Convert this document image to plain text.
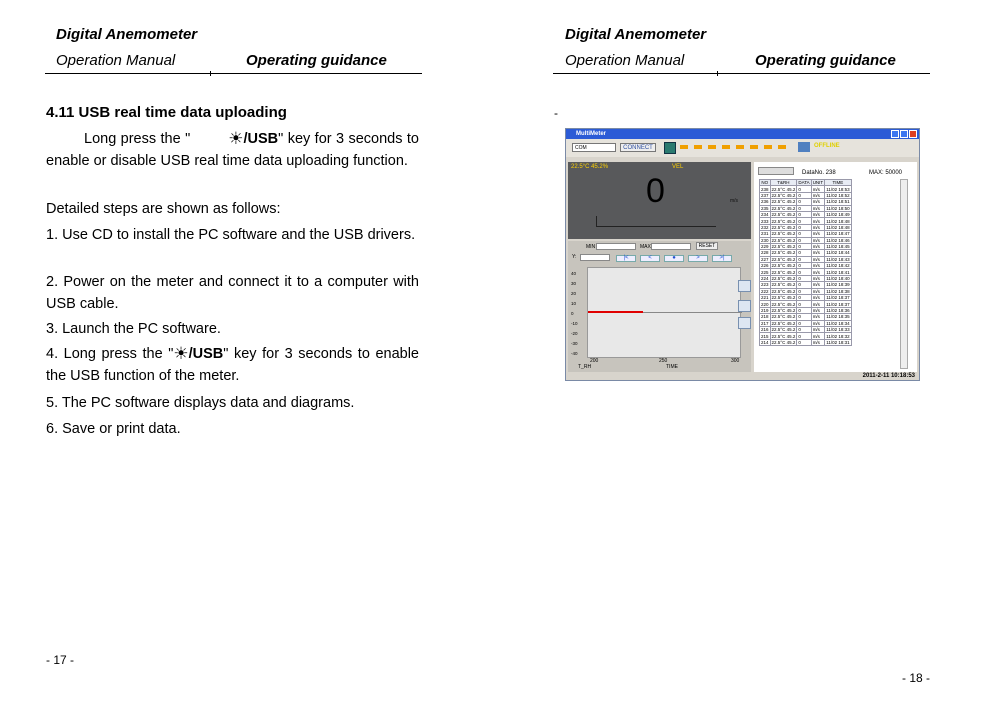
Digital Anemometer
Operation Manual	Operating guidance
4.11 USB real time data uploading

Long press the " ☀/USB" key for 3 seconds to enable or disable USB real time data uploading function.

Detailed steps are shown as follows:
1. Use CD to install the PC software and the USB drivers.
2. Power on the meter and connect it to a computer with USB cable.
3. Launch the PC software.
4. Long press the "☀/USB" key for 3 seconds to enable the USB function of the meter.
5. The PC software displays data and diagrams.
6. Save or print data.
- 17 -
Digital Anemometer
Operation Manual	Operating guidance
-
MultiMeter
COM	CONNECT	OFFLINE
22.5°C 45.2%	VEL
0	m/s
MIN	MAX	RESET
Y:	|<	<	●	>	>|
40
30
20
10
0
-10
-20
-30
-40
200	250	300
T_RH	TIME
DataNo. 238	MAX: 50000
NO	T&RH	DATA	UNIT	TIME
238	22.5°C 45.2	0	m/s	11/02 18:53
237	22.5°C 45.2	0	m/s	11/02 18:52
236	22.5°C 45.2	0	m/s	11/02 18:51
235	22.5°C 45.2	0	m/s	11/02 18:50
234	22.5°C 45.2	0	m/s	11/02 18:49
233	22.5°C 45.2	0	m/s	11/02 18:48
232	22.5°C 45.2	0	m/s	11/02 18:48
231	22.5°C 45.2	0	m/s	11/02 18:47
230	22.5°C 45.2	0	m/s	11/02 18:46
229	22.5°C 45.2	0	m/s	11/02 18:45
228	22.5°C 45.2	0	m/s	11/02 18:44
227	22.5°C 45.2	0	m/s	11/02 18:43
226	22.5°C 45.2	0	m/s	11/02 18:42
225	22.5°C 45.2	0	m/s	11/02 18:41
224	22.5°C 45.2	0	m/s	11/02 18:40
223	22.5°C 45.2	0	m/s	11/02 18:39
222	22.5°C 45.2	0	m/s	11/02 18:38
221	22.5°C 45.2	0	m/s	11/02 18:37
220	22.5°C 45.2	0	m/s	11/02 18:37
219	22.5°C 45.2	0	m/s	11/02 18:36
218	22.5°C 45.2	0	m/s	11/02 18:35
217	22.5°C 45.2	0	m/s	11/02 18:34
216	22.5°C 45.2	0	m/s	11/02 18:33
215	22.5°C 45.2	0	m/s	11/02 18:32
214	22.5°C 45.2	0	m/s	11/02 18:31
2011-2-11 10:18:53
- 18 -
